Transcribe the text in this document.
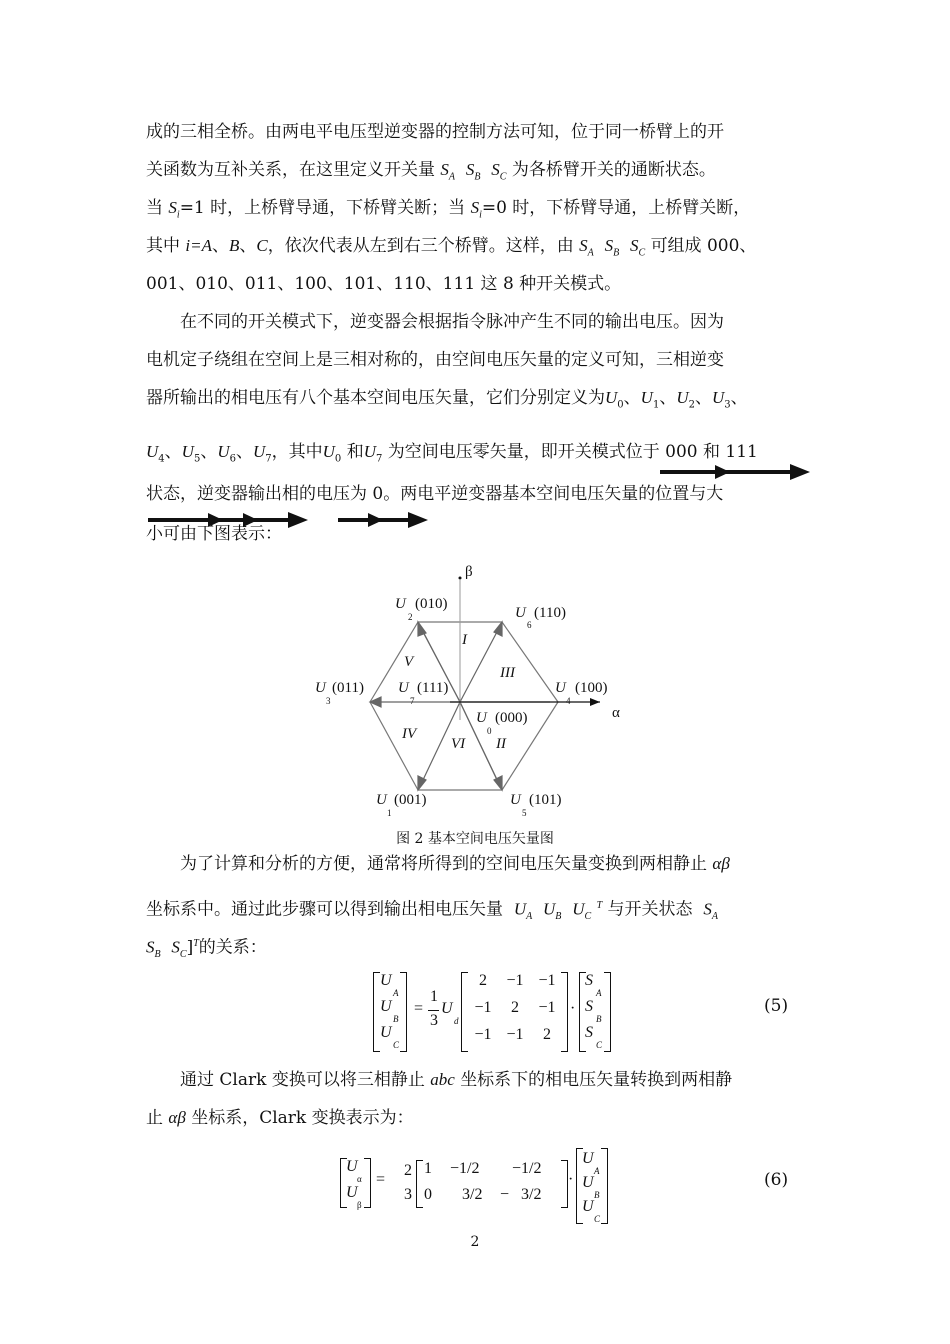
成的三相全桥。由两电平电压型逆变器的控制方法可知，位于同一桥臂上的开
关函数为互补关系，在这里定义开关量 $S_A$ $S_B$ $S_C$ 为各桥臂开关的通断状态。
当 $S_i=1$ 时，上桥臂导通，下桥臂关断；当 $S_i=0$ 时，下桥臂导通，上桥臂关断，
其中 i=A、B、C，依次代表从左到右三个桥臂。这样，由 $S_A$ $S_B$ $S_C$ 可组成 000、
001、010、011、100、101、110、111 这 8 种开关模式。
在不同的开关模式下，逆变器会根据指令脉冲产生不同的输出电压。因为
电机定子绕组在空间上是三相对称的，由空间电压矢量的定义可知，三相逆变
器所输出的相电压有八个基本空间电压矢量，它们分别定义为$U_0$、$U_1$、$U_2$、$U_3$、
$U_4$、$U_5$、$U_6$、$U_7$，其中$U_0$ 和$U_7$ 为空间电压零矢量，即开关模式位于 000 和 111
状态，逆变器输出相的电压为 0。两电平逆变器基本空间电压矢量的位置与大
小可由下图表示：
β
α
U
2
(010)
U
6
(110)
U
3
(011) U
7
(111)	U
4
(100)
U
0
(000)
U
1
(001)	U
5
(101)
I
V
III
IV
VI II
图 2 基本空间电压矢量图
为了计算和分析的方便，通常将所得到的空间电压矢量变换到两相静止 αβ
坐标系中。通过此步骤可以得到输出相电压矢量 $U_A$ $U_B$ $U_C$ $^T$ 与开关状态 $S_A$
$S_B$ $S_C]^T$的关系：
U
A
U
B
U
C
=
1
3
U
d
2	−1 −1
−1	2	−1
−1 −1	2
·
S
A
S
B
S
C
(5)
通过 Clark 变换可以将三相静止 abc 坐标系下的相电压矢量转换到两相静
止 αβ 坐标系，Clark 变换表示为：
U
α
U
β
=
2
3
1 −1/2 −1/2
0 3/2 −   3/2
·
U
A
U
B
U
C
(6)
2
